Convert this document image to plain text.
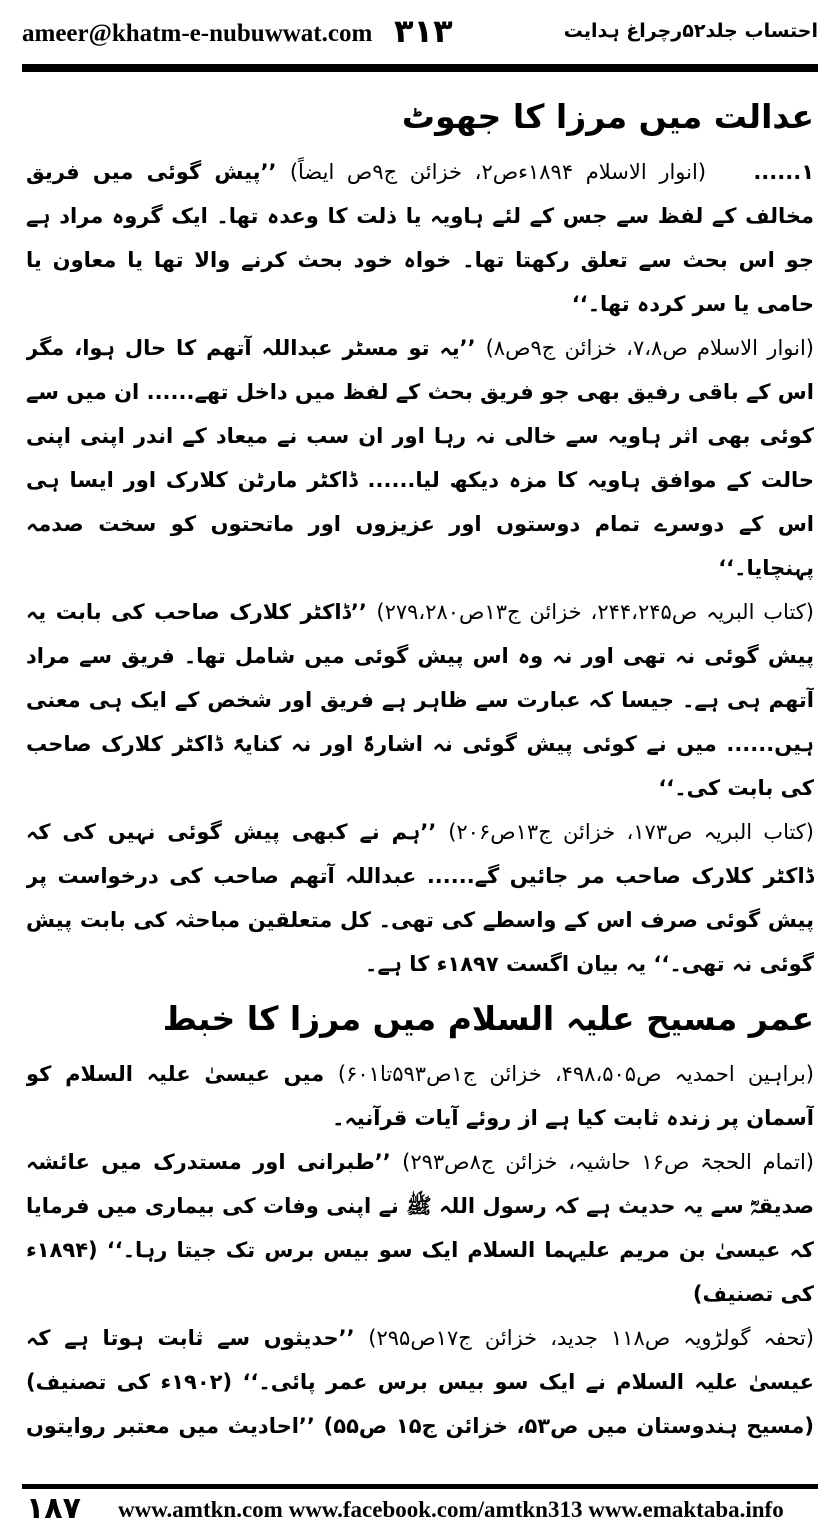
ameer@khatm-e-nubuwwat.com ۳۱۳	احتساب جلد۵۲رچراغ ہدایت
عدالت میں مرزا کا جھوٹ

۱...... (انوار الاسلام ۱۸۹۴ءص۲، خزائن ج۹ص ایضاً) ’’پیش گوئی میں فریق مخالف کے لفظ سے جس کے لئے ہاویہ یا ذلت کا وعدہ تھا۔ ایک گروہ مراد ہے جو اس بحث سے تعلق رکھتا تھا۔ خواہ خود بحث کرنے والا تھا یا معاون یا حامی یا سر کردہ تھا۔‘‘

(انوار الاسلام ص۷،۸، خزائن ج۹ص۸) ’’یہ تو مسٹر عبداللہ آتھم کا حال ہوا، مگر اس کے باقی رفیق بھی جو فریق بحث کے لفظ میں داخل تھے...... ان میں سے کوئی بھی اثر ہاویہ سے خالی نہ رہا اور ان سب نے میعاد کے اندر اپنی اپنی حالت کے موافق ہاویہ کا مزہ دیکھ لیا...... ڈاکٹر مارٹن کلارک اور ایسا ہی اس کے دوسرے تمام دوستوں اور عزیزوں اور ماتحتوں کو سخت صدمہ پہنچایا۔‘‘

(کتاب البریہ ص۲۴۴،۲۴۵، خزائن ج۱۳ص۲۷۹،۲۸۰) ’’ڈاکٹر کلارک صاحب کی بابت یہ پیش گوئی نہ تھی اور نہ وہ اس پیش گوئی میں شامل تھا۔ فریق سے مراد آتھم ہی ہے۔ جیسا کہ عبارت سے ظاہر ہے فریق اور شخص کے ایک ہی معنی ہیں...... میں نے کوئی پیش گوئی نہ اشارۃً اور نہ کنایۃً ڈاکٹر کلارک صاحب کی بابت کی۔‘‘

(کتاب البریہ ص۱۷۳، خزائن ج۱۳ص۲۰۶) ’’ہم نے کبھی پیش گوئی نہیں کی کہ ڈاکٹر کلارک صاحب مر جائیں گے...... عبداللہ آتھم صاحب کی درخواست پر پیش گوئی صرف اس کے واسطے کی تھی۔ کل متعلقین مباحثہ کی بابت پیش گوئی نہ تھی۔‘‘ یہ بیان اگست ۱۸۹۷ء کا ہے۔

عمر مسیح علیہ السلام میں مرزا کا خبط

(براہین احمدیہ ص۴۹۸،۵۰۵، خزائن ج۱ص۵۹۳تا۶۰۱) میں عیسیٰ علیہ السلام کو آسمان پر زندہ ثابت کیا ہے از روئے آیات قرآنیہ۔

(اتمام الحجۃ ص۱۶ حاشیہ، خزائن ج۸ص۲۹۳) ’’طبرانی اور مستدرک میں عائشہ صدیقہؓ سے یہ حدیث ہے کہ رسول اللہ ﷺ نے اپنی وفات کی بیماری میں فرمایا کہ عیسیٰ بن مریم علیہما السلام ایک سو بیس برس تک جیتا رہا۔‘‘ (۱۸۹۴ء کی تصنیف)

(تحفہ گولڑویہ ص۱۱۸ جدید، خزائن ج۱۷ص۲۹۵) ’’حدیثوں سے ثابت ہوتا ہے کہ عیسیٰ علیہ السلام نے ایک سو بیس برس عمر پائی۔‘‘ (۱۹۰۲ء کی تصنیف) (مسیح ہندوستان میں ص۵۳، خزائن ج۱۵ ص۵۵) ’’احادیث میں معتبر روایتوں

۱۸۷ www.amtkn.com www.facebook.com/amtkn313 www.emaktaba.info
